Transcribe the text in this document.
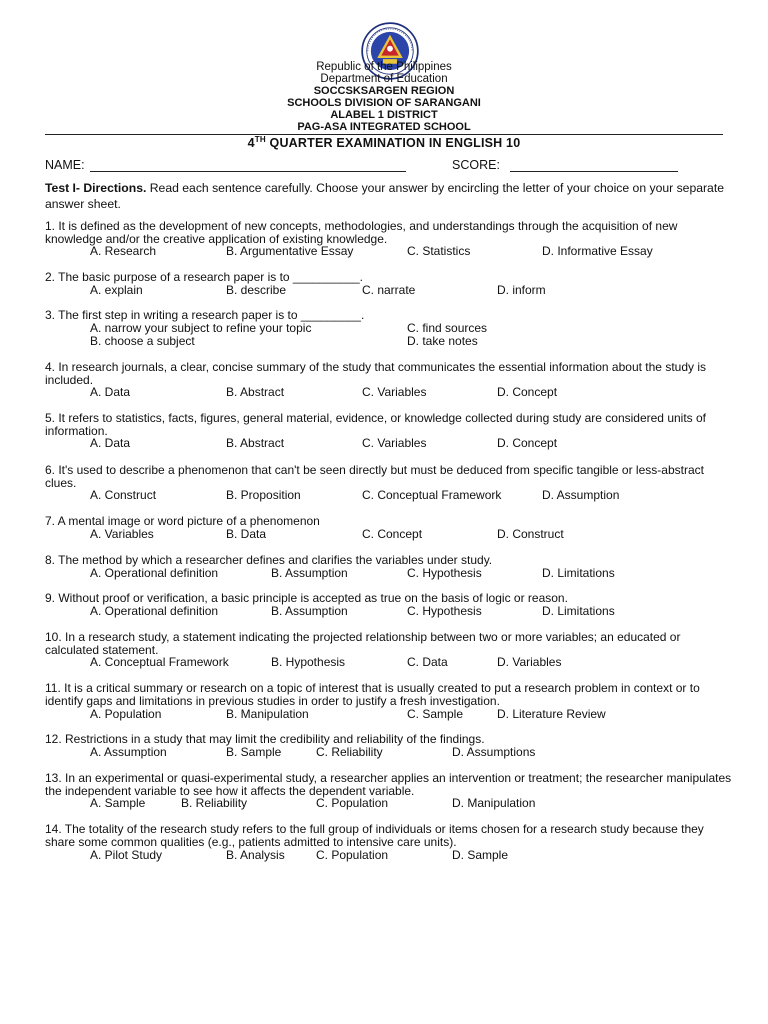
Republic of the Philippines
Department of Education
SOCCSKSARGEN REGION
SCHOOLS DIVISION OF SARANGANI
ALABEL 1 DISTRICT
PAG-ASA INTEGRATED SCHOOL
4TH QUARTER EXAMINATION IN ENGLISH 10
NAME:	SCORE:
Test I- Directions. Read each sentence carefully. Choose your answer by encircling the letter of your choice on your separate answer sheet.
1. It is defined as the development of new concepts, methodologies, and understandings through the acquisition of new knowledge and/or the creative application of existing knowledge.
A. Research	B. Argumentative Essay	C. Statistics	D. Informative Essay
2. The basic purpose of a research paper is to __________.
A. explain	B. describe	C. narrate	D. inform
3. The first step in writing a research paper is to _________.
A. narrow your subject to refine your topic
B. choose a subject
C. find sources
D. take notes
4. In research journals, a clear, concise summary of the study that communicates the essential information about the study is included.
A. Data	B. Abstract	C. Variables	D. Concept
5. It refers to statistics, facts, figures, general material, evidence, or knowledge collected during study are considered units of information.
A. Data	B. Abstract	C. Variables	D. Concept
6. It's used to describe a phenomenon that can't be seen directly but must be deduced from specific tangible or less-abstract clues.
A. Construct	B. Proposition	C. Conceptual Framework	D. Assumption
7. A mental image or word picture of a phenomenon
A. Variables	B. Data	C. Concept	D. Construct
8. The method by which a researcher defines and clarifies the variables under study.
A. Operational definition	B. Assumption	C. Hypothesis	D. Limitations
9. Without proof or verification, a basic principle is accepted as true on the basis of logic or reason.
A. Operational definition	B. Assumption	C. Hypothesis	D. Limitations
10. In a research study, a statement indicating the projected relationship between two or more variables; an educated or calculated statement.
A. Conceptual Framework	B. Hypothesis	C. Data	D. Variables
11. It is a critical summary or research on a topic of interest that is usually created to put a research problem in context or to identify gaps and limitations in previous studies in order to justify a fresh investigation.
A. Population	B. Manipulation	C. Sample	D. Literature Review
12. Restrictions in a study that may limit the credibility and reliability of the findings.
A. Assumption	B. Sample	C. Reliability	D. Assumptions
13. In an experimental or quasi-experimental study, a researcher applies an intervention or treatment; the researcher manipulates the independent variable to see how it affects the dependent variable.
A. Sample	B. Reliability	C. Population	D. Manipulation
14. The totality of the research study refers to the full group of individuals or items chosen for a research study because they share some common qualities (e.g., patients admitted to intensive care units).
A. Pilot Study	B. Analysis	C. Population	D. Sample
